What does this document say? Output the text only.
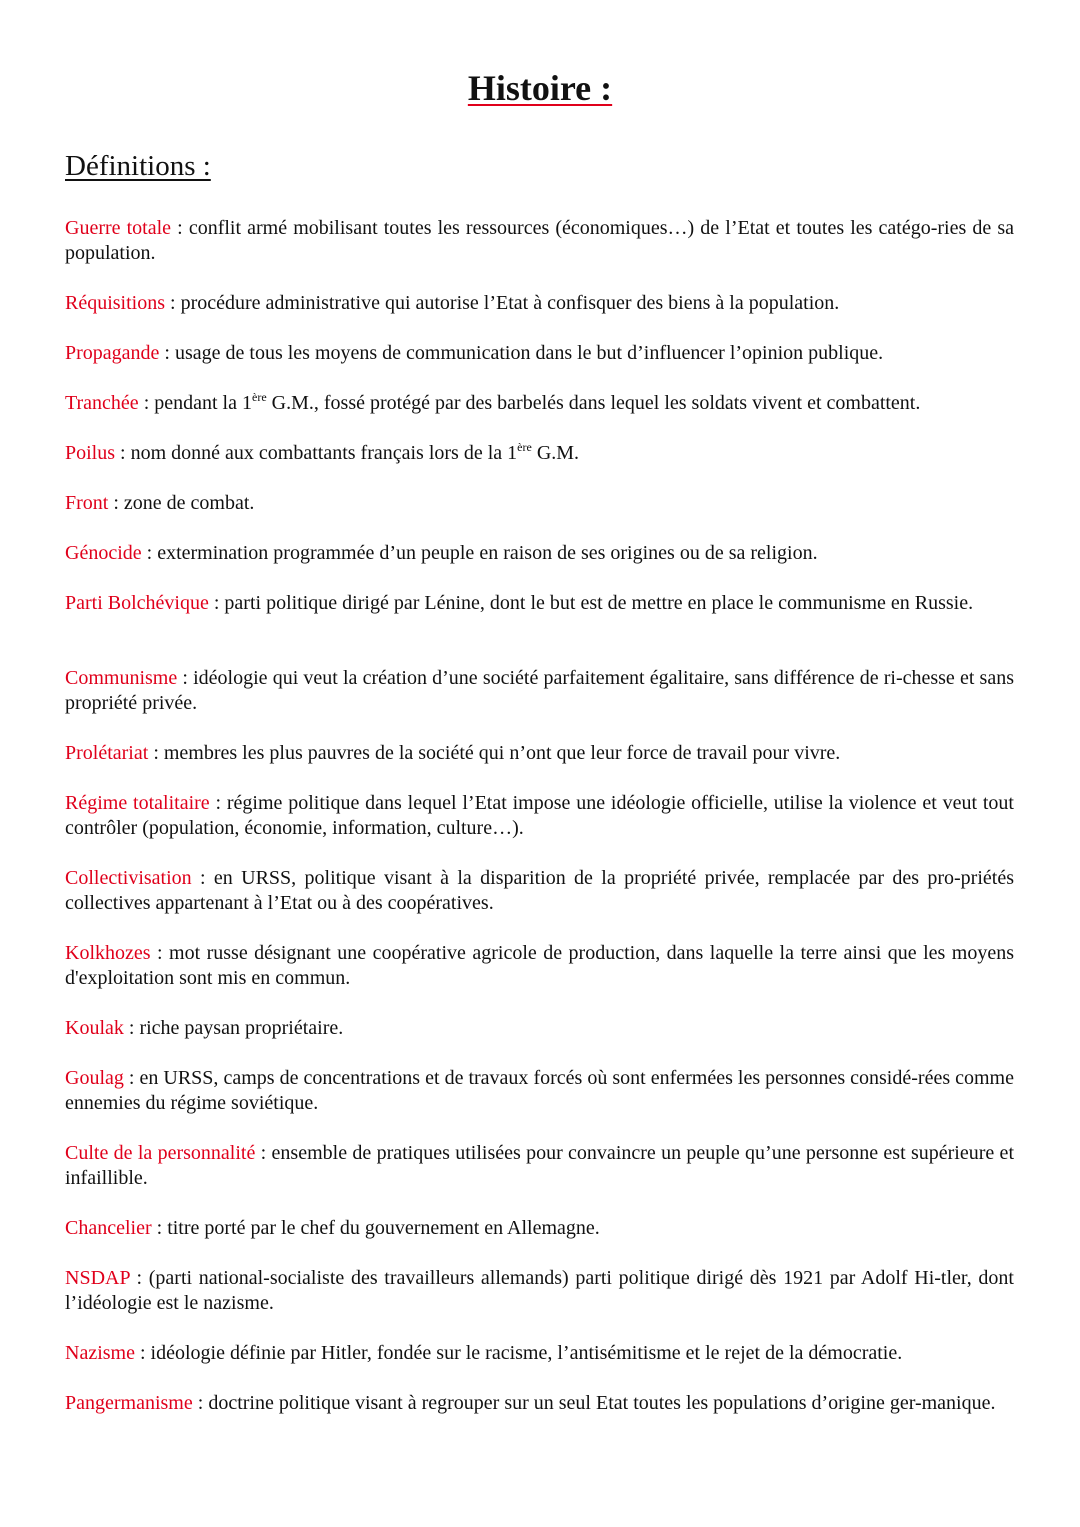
Histoire :
Définitions :

Guerre totale : conflit armé mobilisant toutes les ressources (économiques…) de l’Etat et toutes les catégo-ries de sa population.

Réquisitions : procédure administrative qui autorise l’Etat à confisquer des biens à la population.

Propagande : usage de tous les moyens de communication dans le but d’influencer l’opinion publique.

Tranchée : pendant la 1ère G.M., fossé protégé par des barbelés dans lequel les soldats vivent et combattent.

Poilus : nom donné aux combattants français lors de la 1ère G.M.

Front : zone de combat.

Génocide : extermination programmée d’un peuple en raison de ses origines ou de sa religion.

Parti Bolchévique : parti politique dirigé par Lénine, dont le but est de mettre en place le communisme en Russie.

Communisme : idéologie qui veut la création d’une société parfaitement égalitaire, sans différence de ri-chesse et sans propriété privée.

Prolétariat : membres les plus pauvres de la société qui n’ont que leur force de travail pour vivre.

Régime totalitaire : régime politique dans lequel l’Etat impose une idéologie officielle, utilise la violence et veut tout contrôler (population, économie, information, culture…).

Collectivisation : en URSS, politique visant à la disparition de la propriété privée, remplacée par des pro-priétés collectives appartenant à l’Etat ou à des coopératives.

Kolkhozes : mot russe désignant une coopérative agricole de production, dans laquelle la terre ainsi que les moyens d'exploitation sont mis en commun.

Koulak : riche paysan propriétaire.

Goulag : en URSS, camps de concentrations et de travaux forcés où sont enfermées les personnes considé-rées comme ennemies du régime soviétique.

Culte de la personnalité : ensemble de pratiques utilisées pour convaincre un peuple qu’une personne est supérieure et infaillible.

Chancelier : titre porté par le chef du gouvernement en Allemagne.

NSDAP : (parti national-socialiste des travailleurs allemands) parti politique dirigé dès 1921 par Adolf Hi-tler, dont l’idéologie est le nazisme.

Nazisme : idéologie définie par Hitler, fondée sur le racisme, l’antisémitisme et le rejet de la démocratie.

Pangermanisme : doctrine politique visant à regrouper sur un seul Etat toutes les populations d’origine ger-manique.
